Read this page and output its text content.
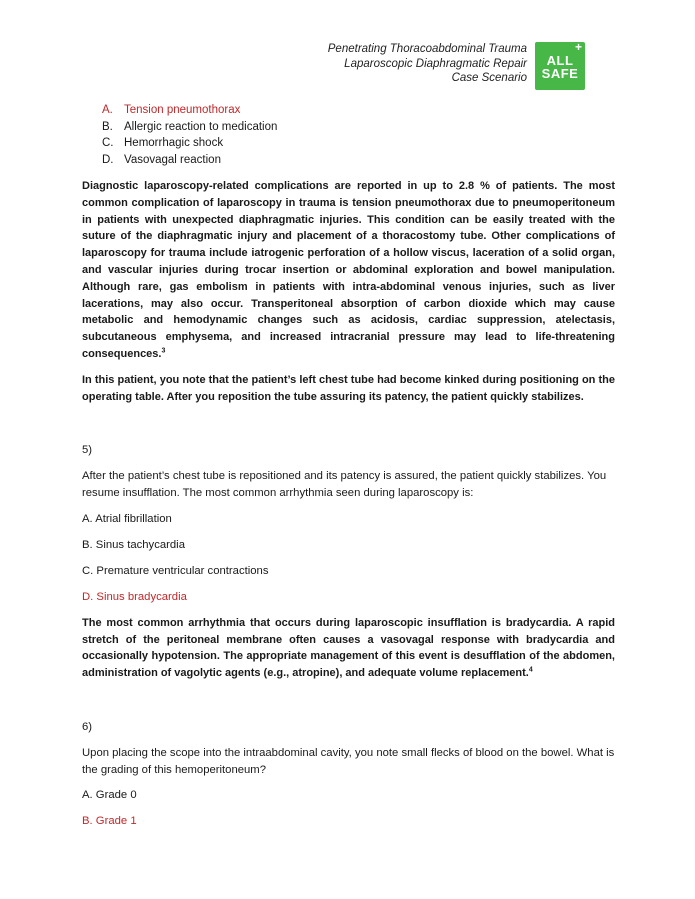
Penetrating Thoracoabdominal Trauma
Laparoscopic Diaphragmatic Repair
Case Scenario
+
ALL
SAFE
A. Tension pneumothorax
B. Allergic reaction to medication
C. Hemorrhagic shock
D. Vasovagal reaction

Diagnostic laparoscopy-related complications are reported in up to 2.8 % of patients. The most common complication of laparoscopy in trauma is tension pneumothorax due to pneumoperitoneum in patients with unexpected diaphragmatic injuries. This condition can be easily treated with the suture of the diaphragmatic injury and placement of a thoracostomy tube. Other complications of laparoscopy for trauma include iatrogenic perforation of a hollow viscus, laceration of a solid organ, and vascular injuries during trocar insertion or abdominal exploration and bowel manipulation. Although rare, gas embolism in patients with intra-abdominal venous injuries, such as liver lacerations, may also occur. Transperitoneal absorption of carbon dioxide which may cause metabolic and hemodynamic changes such as acidosis, cardiac suppression, atelectasis, subcutaneous emphysema, and increased intracranial pressure may lead to life-threatening consequences.$^3$

In this patient, you note that the patient’s left chest tube had become kinked during positioning on the operating table. After you reposition the tube assuring its patency, the patient quickly stabilizes.

5)

After the patient’s chest tube is repositioned and its patency is assured, the patient quickly stabilizes. You resume insufflation. The most common arrhythmia seen during laparoscopy is:

A. Atrial fibrillation

B. Sinus tachycardia

C. Premature ventricular contractions

D. Sinus bradycardia

The most common arrhythmia that occurs during laparoscopic insufflation is bradycardia. A rapid stretch of the peritoneal membrane often causes a vasovagal response with bradycardia and occasionally hypotension. The appropriate management of this event is desufflation of the abdomen, administration of vagolytic agents (e.g., atropine), and adequate volume replacement.$^4$

6)

Upon placing the scope into the intraabdominal cavity, you note small flecks of blood on the bowel. What is the grading of this hemoperitoneum?

A. Grade 0

B. Grade 1
